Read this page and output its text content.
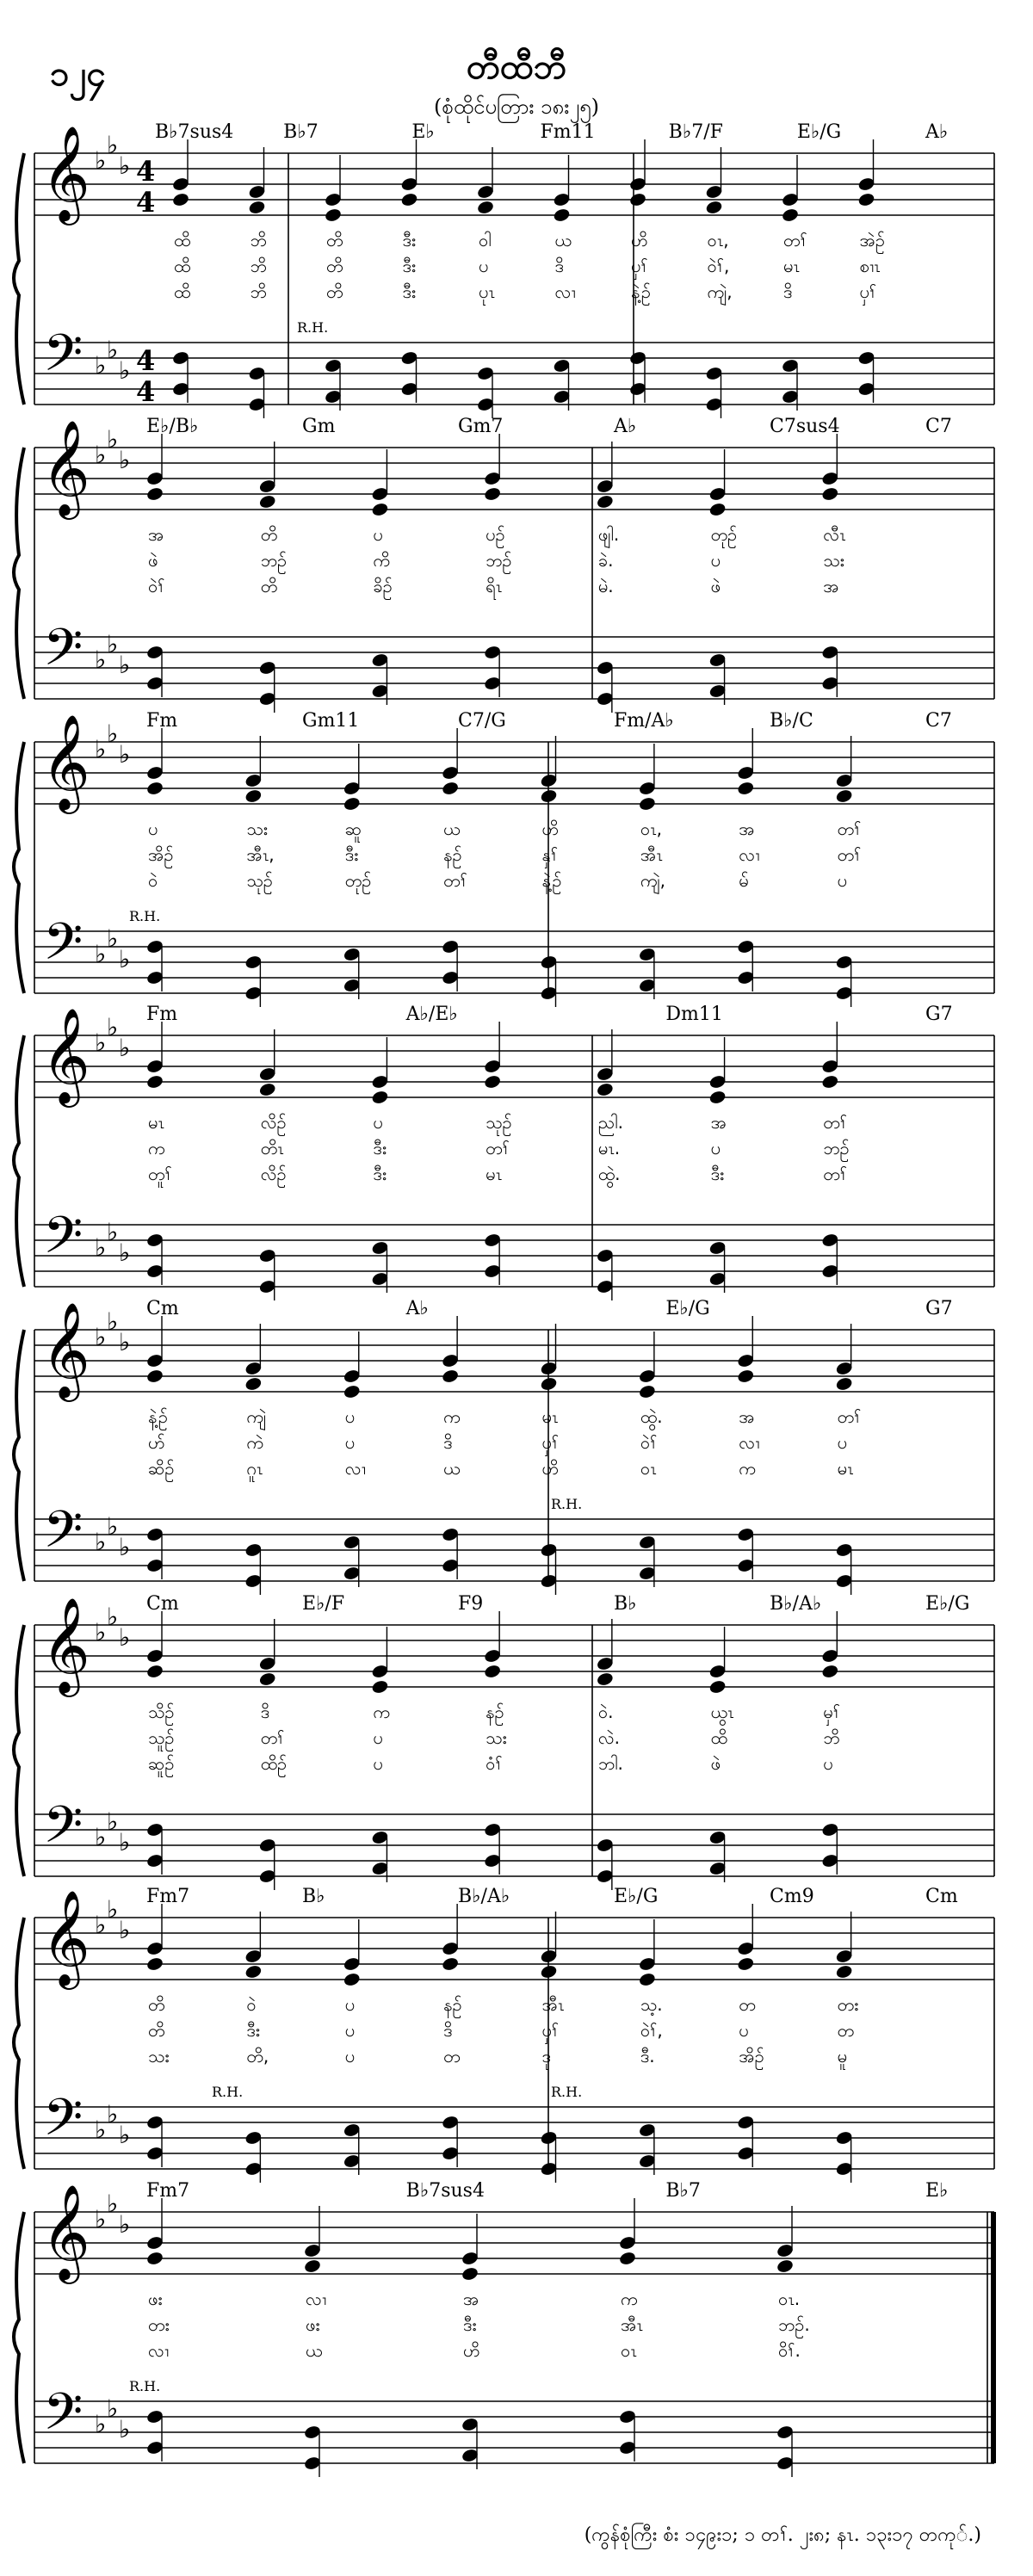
၁၂၄	တီထီဘီ
(စုံထိုင်ပတြား ၁၈း၂၅)
𝄞
𝄢
♭
♭
♭
♭
♭
♭
4
4
4
4
B♭7sus4	B♭7	E♭	Fm11	B♭7/F	E♭/G	A♭
ထိ	ဘိ	တိ	ဒီး	ဝါ	ယ	ဟိ	ဝၤ,	တၢ်	အဲဉ်
ထိ	ဘိ	တိ	ဒီး	ပ	ဒိ	ပှၢ်	ဝဲၢ်,	မၤ	စၢၤ
ထိ	ဘိ	တိ	ဒီး	ပုၤ	လၢ	နဲ့ဉ်	ကျဲ,	ဒိ	ပှၢ်
R.H.
𝄞
𝄢
♭
♭
♭
♭
♭
♭
E♭/B♭	Gm	Gm7	A♭	C7sus4	C7
အ	တိ	ပ	ပဉ်	ဖျါ.	တုဉ်	လီၤ
ဖဲ	ဘဉ်	ကိ	ဘဉ်	ခဲ.	ပ	သး
ဝဲၢ်	တိ	ခိဉ်	ရိၤ	မဲ.	ဖဲ	အ
𝄞
𝄢
♭
♭
♭
♭
♭
♭
Fm	Gm11	C7/G	Fm/A♭	B♭/C	C7
ပ	သး	ဆူ	ယ	ဟိ	ဝၤ,	အ	တၢ်
အိဉ်	အီၤ,	ဒီး	နဉ်	နှၢ်	အီၤ	လၢ	တၢ်
ဝဲ	သုဉ်	တုဉ်	တၢ်	နဲ့ဉ်	ကျဲ,	မ်	ပ
R.H.
𝄞
𝄢
♭
♭
♭
♭
♭
♭
Fm	A♭/E♭	Dm11	G7
မၤ	လိဉ်	ပ	သုဉ်	ညါ.	အ	တၢ်
က	တိၤ	ဒီး	တၢ်	မၤ.	ပ	ဘဉ်
တူၢ်	လိဉ်	ဒီး	မၤ	ထွဲ.	ဒီး	တၢ်
𝄞
𝄢
♭
♭
♭
♭
♭
♭
Cm	A♭	E♭/G	G7
နဲ့ဉ်	ကျဲ	ပ	က	မၤ	ထွဲ.	အ	တၢ်
ဟ်	ကဲ	ပ	ဒိ	ပှၢ်	ဝဲၢ်	လၢ	ပ
ဆိဉ်	ဂူၤ	လၢ	ယ	ဟိ	ဝၤ	က	မၤ
R.H.
𝄞
𝄢
♭
♭
♭
♭
♭
♭
Cm	E♭/F	F9	B♭	B♭/A♭	E♭/G
သိဉ်	ဒိ	က	နဉ်	ဝဲ.	ယွၤ	မှၢ်
သူဉ်	တၢ်	ပ	သး	လဲ.	ထိ	ဘိ
ဆူဉ်	ထိဉ်	ပ	ဝံၢ်	ဘါ.	ဖဲ	ပ
𝄞
𝄢
♭
♭
♭
♭
♭
♭
Fm7	B♭	B♭/A♭	E♭/G	Cm9	Cm
တိ	ဝဲ	ပ	နဉ်	အီၤ	သ့.	တ	တး
တိ	ဒီး	ပ	ဒိ	ပှၢ်	ဝဲၢ်,	ပ	တ
သး	တိ,	ပ	တ	ဒု	ဒီ.	အိဉ်	မူ
R.H.	R.H.
𝄞
𝄢
♭
♭
♭
♭
♭
♭
Fm7	B♭7sus4	B♭7	E♭
ဖး	လၢ	အ	က	ဝၤ.
တး	ဖး	ဒီး	အီၤ	ဘဉ်.
လၢ	ယ	ဟိ	ဝၤ	ဝိၢ်.
R.H.
(ကွန်စုံကြီး စံး ၁၄၉း၁; ၁ တၢ်. ၂း၈; နၤ. ၁၃း၁၇ တကု်.)
